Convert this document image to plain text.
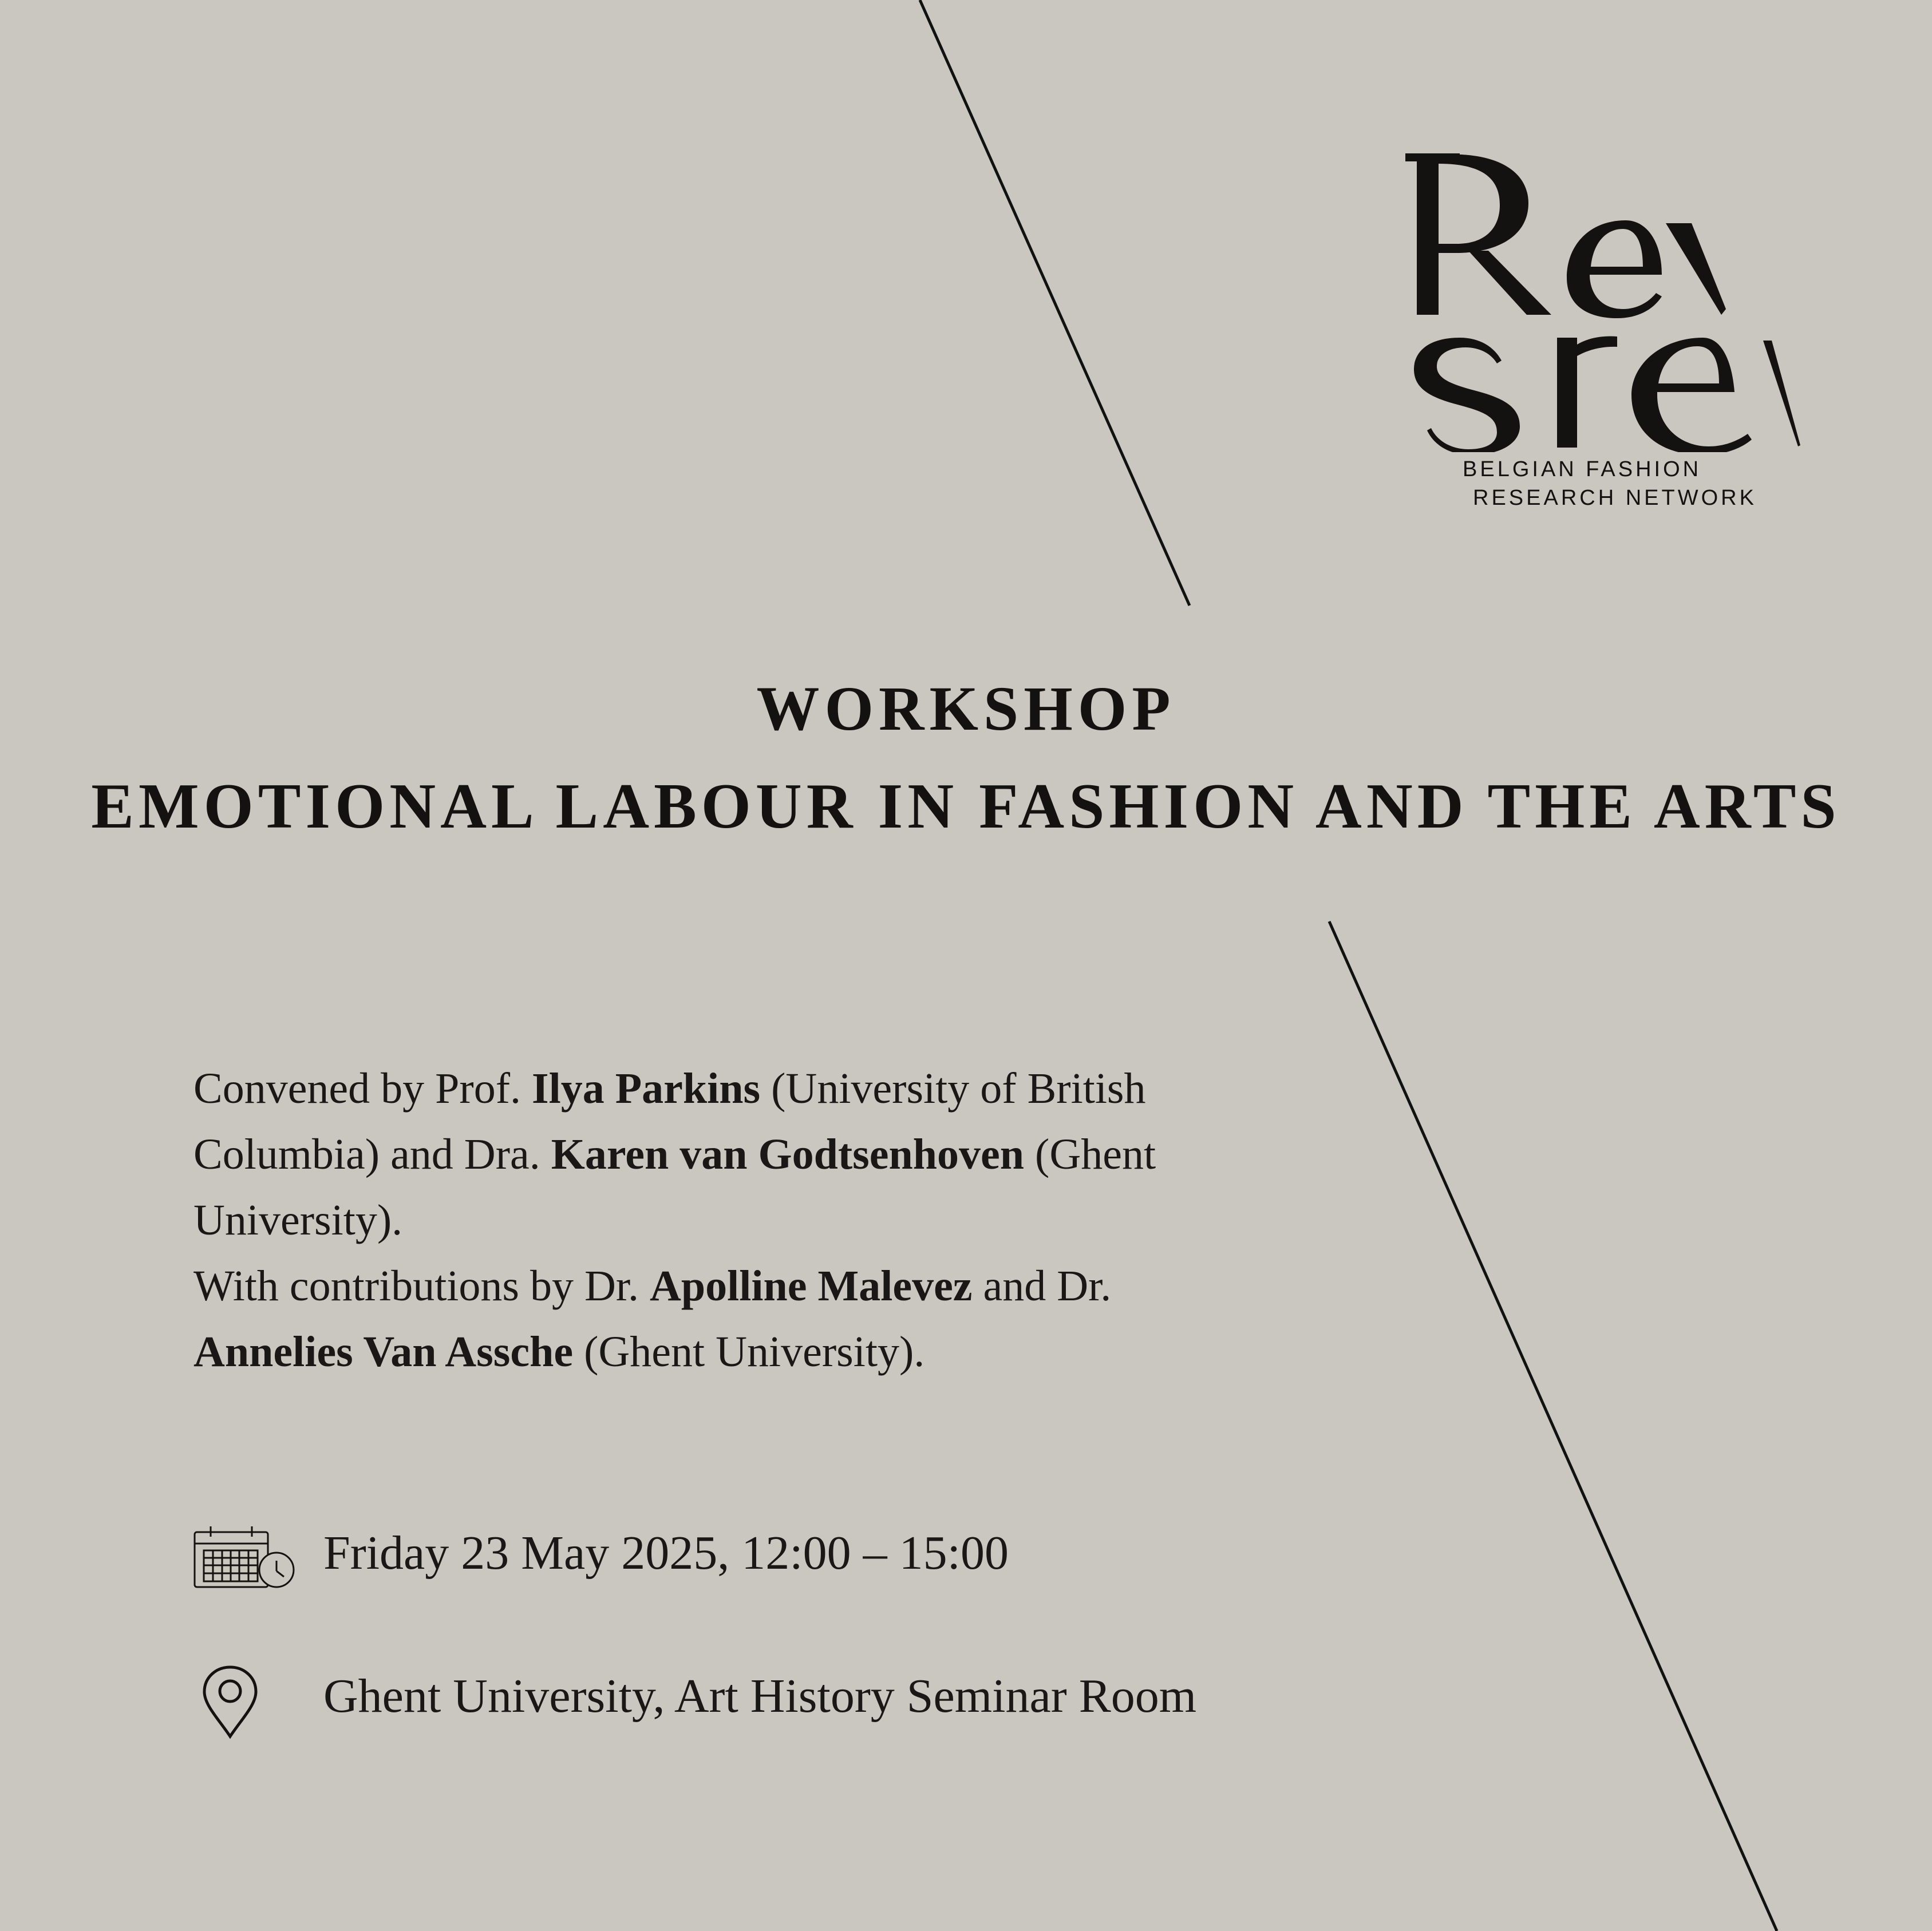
BELGIAN FASHION
RESEARCH NETWORK
WORKSHOP
EMOTIONAL LABOUR IN FASHION AND THE ARTS
Convened by Prof. Ilya Parkins (University of British Columbia) and Dra. Karen van Godtsenhoven (Ghent University).
With contributions by Dr. Apolline Malevez and Dr. Annelies Van Assche (Ghent University).
Friday 23 May 2025, 12:00 – 15:00
Ghent University, Art History Seminar Room
